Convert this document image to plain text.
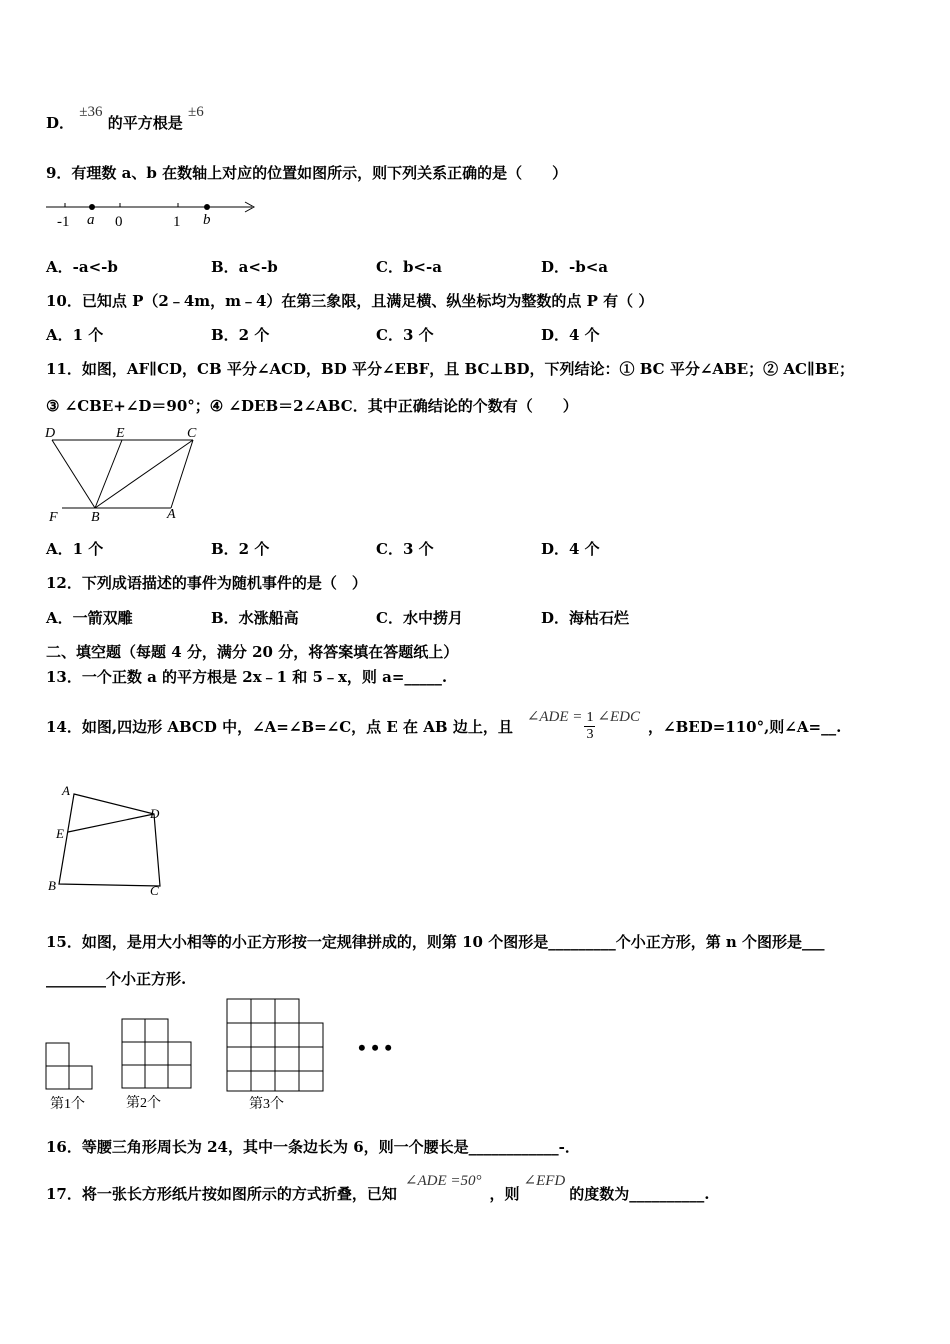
D． ±36 的平方根是 ±6
9．有理数 a、b 在数轴上对应的位置如图所示，则下列关系正确的是（　　）
-1 a 0	1 b
A．-a<-b	B．a<-b	C．b<-a	D．-b<a
10．已知点 P（2﹣4m，m﹣4）在第三象限，且满足横、纵坐标均为整数的点 P 有（ ）
A．1 个	B．2 个	C．3 个	D．4 个
11．如图，AF∥CD，CB 平分∠ACD，BD 平分∠EBF，且 BC⊥BD，下列结论：① BC 平分∠ABE；② AC∥BE；
③ ∠CBE+∠D＝90°；④ ∠DEB＝2∠ABC．其中正确结论的个数有（　　）
D	E	C
F B	A
A．1 个	B．2 个	C．3 个	D．4 个
12．下列成语描述的事件为随机事件的是（　）
A．一箭双雕	B．水涨船高	C．水中捞月	D．海枯石烂
二、填空题（每题 4 分，满分 20 分，将答案填在答题纸上）
13．一个正数 a 的平方根是 2x﹣1 和 5﹣x，则 a=_____.
14．如图,四边形 ABCD 中，∠A=∠B=∠C，点 E 在 AB 边上，且
∠ADE = $\frac{1}{3}$ ∠EDC
，∠BED=110°,则∠A=__.
A
D
E
B	C
15．如图，是用大小相等的小正方形按一定规律拼成的，则第 10 个图形是_________个小正方形，第 n 个图形是___
________个小正方形.
• • •
第1个	第2个	第3个
16．等腰三角形周长为 24，其中一条边长为 6，则一个腰长是____________-．
17．将一张长方形纸片按如图所示的方式折叠，已知
∠ADE =50°
，则
∠EFD
的度数为__________.
